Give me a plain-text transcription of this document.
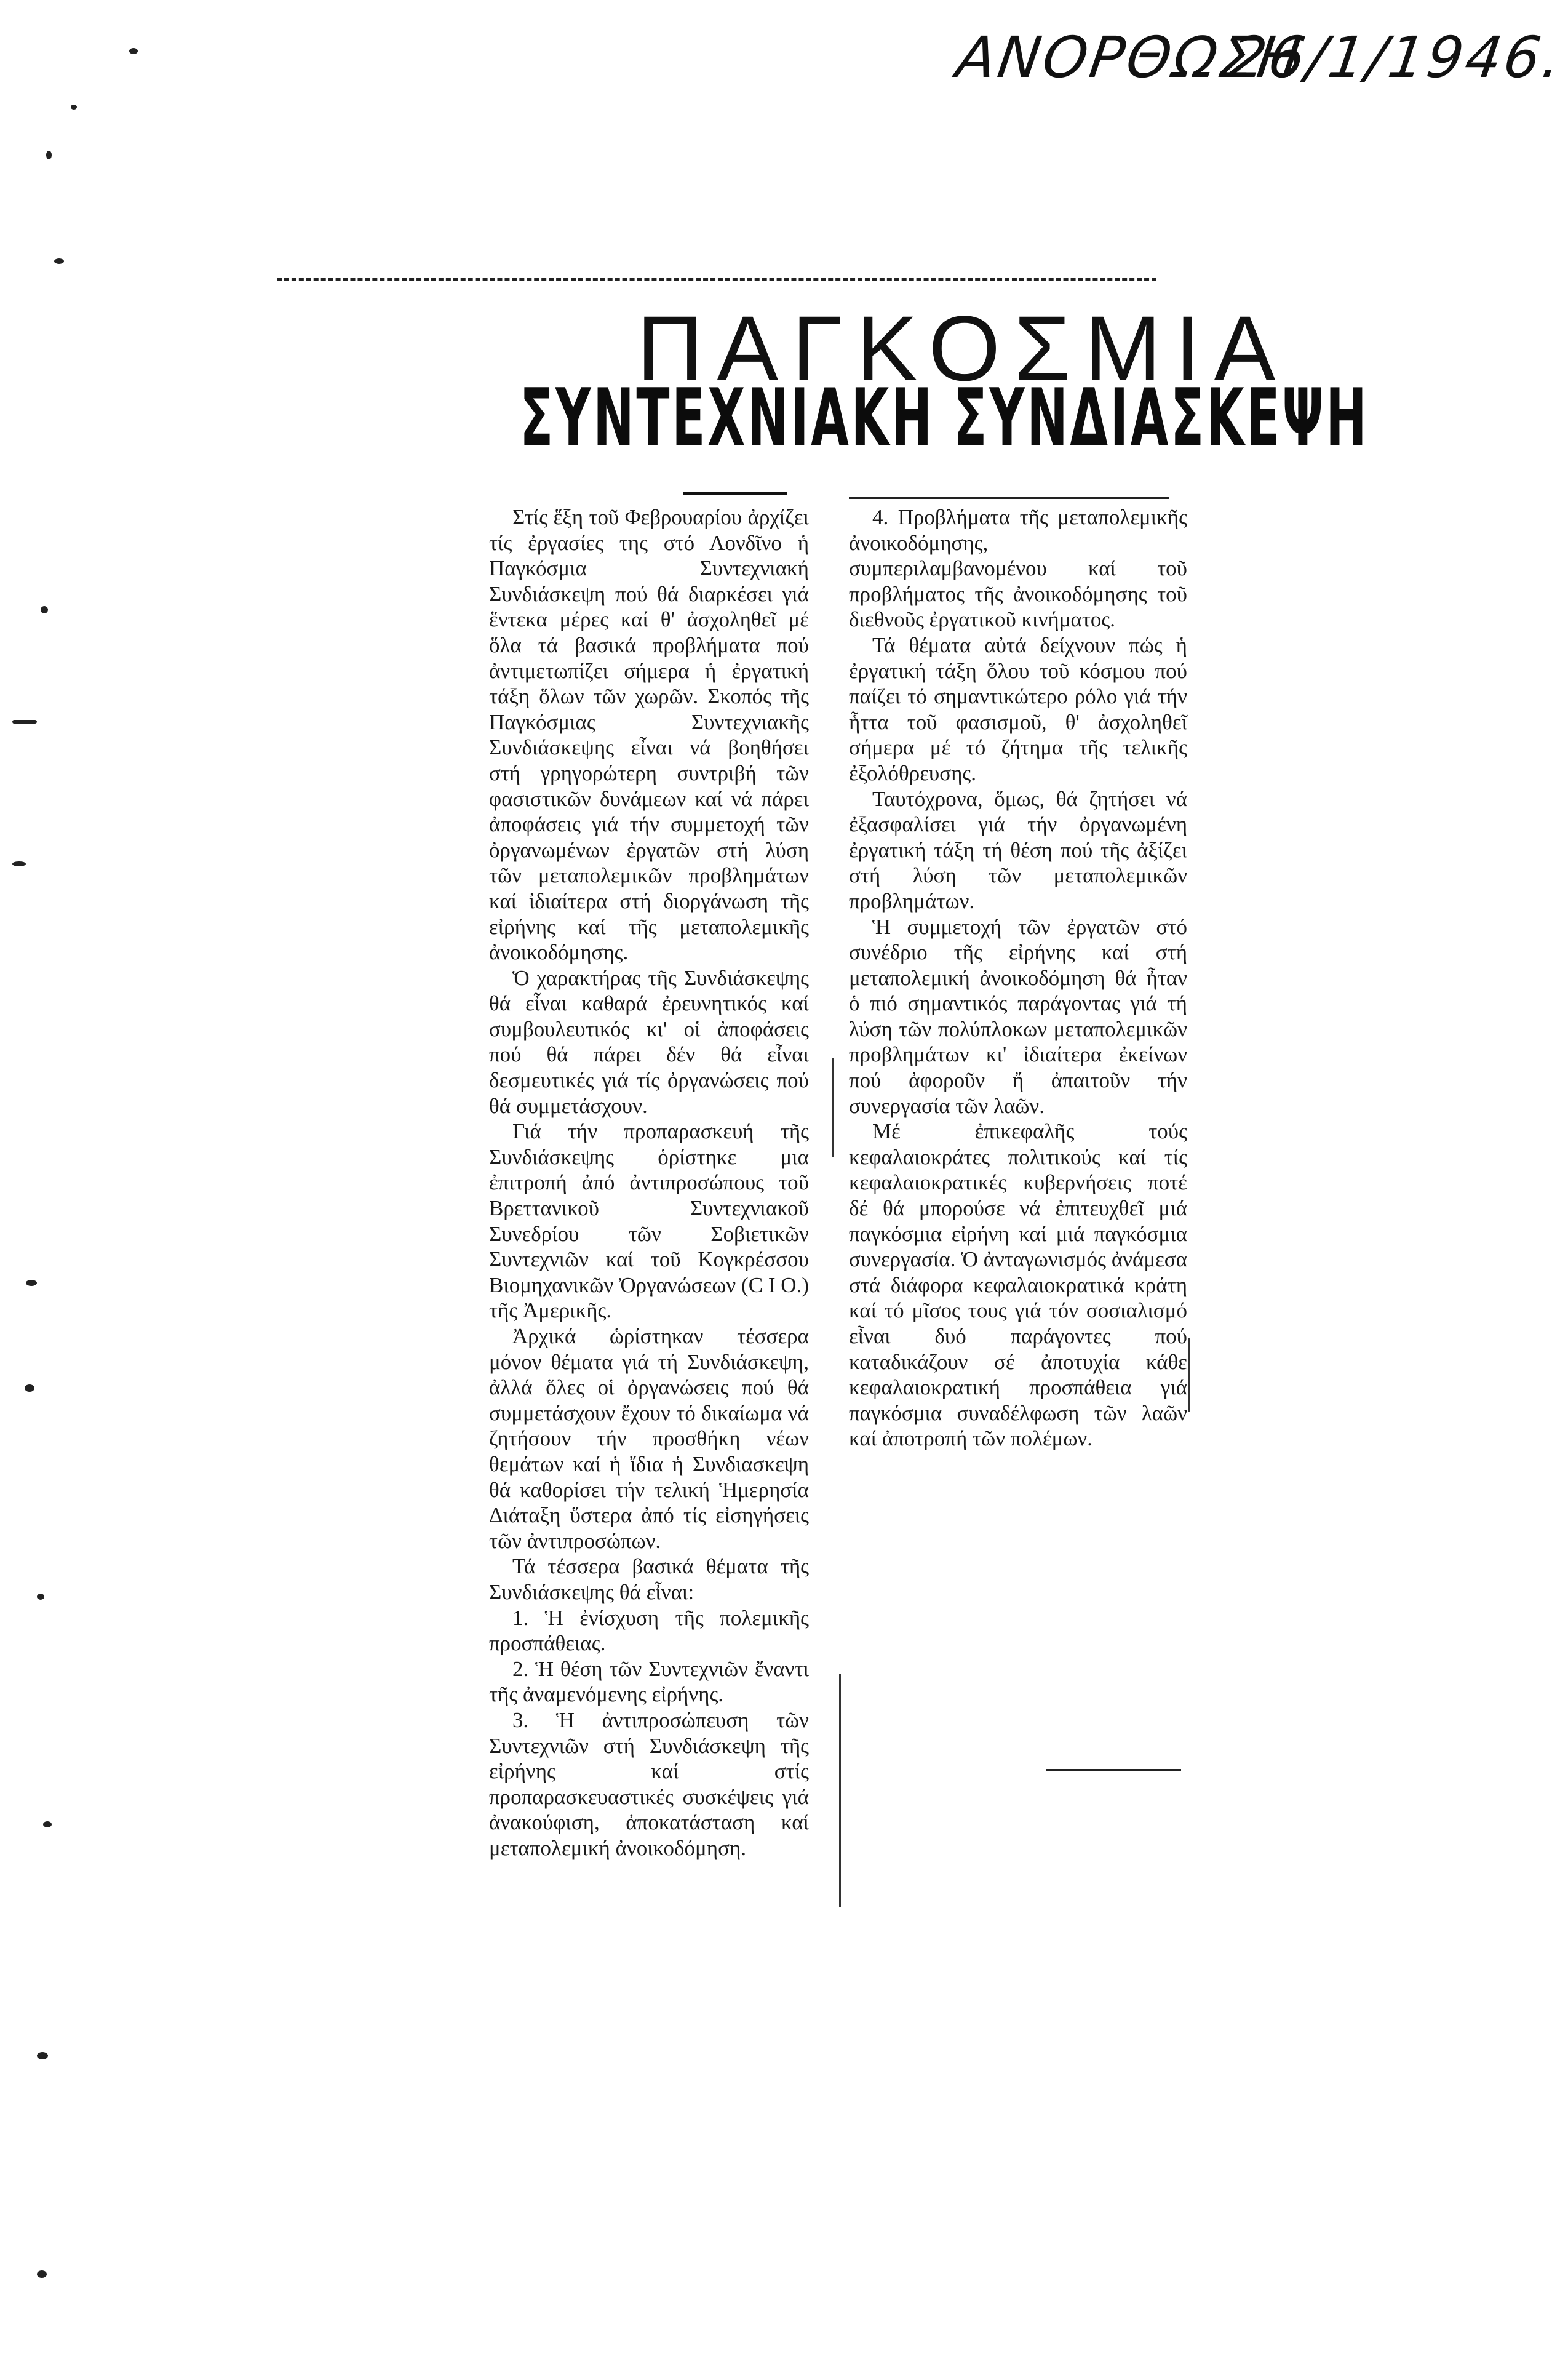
ΑΝΟΡΘΩΣΗ
26/1/1946.
ΠΑΓΚΟΣΜΙΑ
ΣΥΝΤΕΧΝΙΑΚΗ ΣΥΝΔΙΑΣΚΕΨΗ

Στίς ἕξη τοῦ Φεβρουαρίου ἀρχίζει τίς ἐργασίες της στό Λονδῖνο ἡ Παγκόσμια Συντεχνιακή Συνδιάσκεψη πού θά διαρκέσει γιά ἕντεκα μέρες καί θ' ἀσχοληθεῖ μέ ὅλα τά βασικά προβλήματα πού ἀντιμετωπίζει σήμερα ἡ ἐργατική τάξη ὅλων τῶν χωρῶν. Σκοπός τῆς Παγκόσμιας Συντεχνιακῆς Συνδιάσκεψης εἶναι νά βοηθήσει στή γρηγορώτερη συντριβή τῶν φασιστικῶν δυνάμεων καί νά πάρει ἀποφάσεις γιά τήν συμμετοχή τῶν ὀργανωμένων ἐργατῶν στή λύση τῶν μεταπολεμικῶν προβλημάτων καί ἰδιαίτερα στή διοργάνωση τῆς εἰρήνης καί τῆς μεταπολεμικῆς ἀνοικοδόμησης.

Ὁ χαρακτήρας τῆς Συνδιάσκεψης θά εἶναι καθαρά ἐρευνητικός καί συμβουλευτικός κι' οἱ ἀποφάσεις πού θά πάρει δέν θά εἶναι δεσμευτικές γιά τίς ὀργανώσεις πού θά συμμετάσχουν.

Γιά τήν προπαρασκευή τῆς Συνδιάσκεψης ὁρίστηκε μια ἐπιτροπή ἀπό ἀντιπροσώπους τοῦ Βρεττανικοῦ Συντεχνιακοῦ Συνεδρίου τῶν Σοβιετικῶν Συντεχνιῶν καί τοῦ Κογκρέσσου Βιομηχανικῶν Ὀργανώσεων (C I O.) τῆς Ἀμερικῆς.

Ἀρχικά ὡρίστηκαν τέσσερα μόνον θέματα γιά τή Συνδιάσκεψη, ἀλλά ὅλες οἱ ὀργανώσεις πού θά συμμετάσχουν ἔχουν τό δικαίωμα νά ζητήσουν τήν προσθήκη νέων θεμάτων καί ἡ ἴδια ἡ Συνδιασκεψη θά καθορίσει τήν τελική Ἡμερησία Διάταξη ὕστερα ἀπό τίς εἰσηγήσεις τῶν ἀντιπροσώπων.

Τά τέσσερα βασικά θέματα τῆς Συνδιάσκεψης θά εἶναι:

1. Ἡ ἐνίσχυση τῆς πολεμικῆς προσπάθειας.

2. Ἡ θέση τῶν Συντεχνιῶν ἔναντι τῆς ἀναμενόμενης εἰρήνης.

3. Ἡ ἀντιπροσώπευση τῶν Συντεχνιῶν στή Συνδιάσκεψη τῆς εἰρήνης καί στίς προπαρασκευαστικές συσκέψεις γιά ἀνακούφιση, ἀποκατάσταση καί μεταπολεμική ἀνοικοδόμηση.

4. Προβλήματα τῆς μεταπολεμικῆς ἀνοικοδόμησης, συμπεριλαμβανομένου καί τοῦ προβλήματος τῆς ἀνοικοδόμησης τοῦ διεθνοῦς ἐργατικοῦ κινήματος.

Τά θέματα αὐτά δείχνουν πώς ἡ ἐργατική τάξη ὅλου τοῦ κόσμου πού παίζει τό σημαντικώτερο ρόλο γιά τήν ἧττα τοῦ φασισμοῦ, θ' ἀσχοληθεῖ σήμερα μέ τό ζήτημα τῆς τελικῆς ἐξολόθρευσης.

Ταυτόχρονα, ὅμως, θά ζητήσει νά ἐξασφαλίσει γιά τήν ὀργανωμένη ἐργατική τάξη τή θέση πού τῆς ἀξίζει στή λύση τῶν μεταπολεμικῶν προβλημάτων.

Ἡ συμμετοχή τῶν ἐργατῶν στό συνέδριο τῆς εἰρήνης καί στή μεταπολεμική ἀνοικοδόμηση θά ἦταν ὁ πιό σημαντικός παράγοντας γιά τή λύση τῶν πολύπλοκων μεταπολεμικῶν προβλημάτων κι' ἰδιαίτερα ἐκείνων πού ἀφοροῦν ἤ ἀπαιτοῦν τήν συνεργασία τῶν λαῶν.

Μέ ἐπικεφαλῆς τούς κεφαλαιοκράτες πολιτικούς καί τίς κεφαλαιοκρατικές κυβερνήσεις ποτέ δέ θά μπορούσε νά ἐπιτευχθεῖ μιά παγκόσμια εἰρήνη καί μιά παγκόσμια συνεργασία. Ὁ ἀνταγωνισμός ἀνάμεσα στά διάφορα κεφαλαιοκρατικά κράτη καί τό μῖσος τους γιά τόν σοσιαλισμό εἶναι δυό παράγοντες πού καταδικάζουν σέ ἀποτυχία κάθε κεφαλαιοκρατική προσπάθεια γιά παγκόσμια συναδέλφωση τῶν λαῶν καί ἀποτροπή τῶν πολέμων.
